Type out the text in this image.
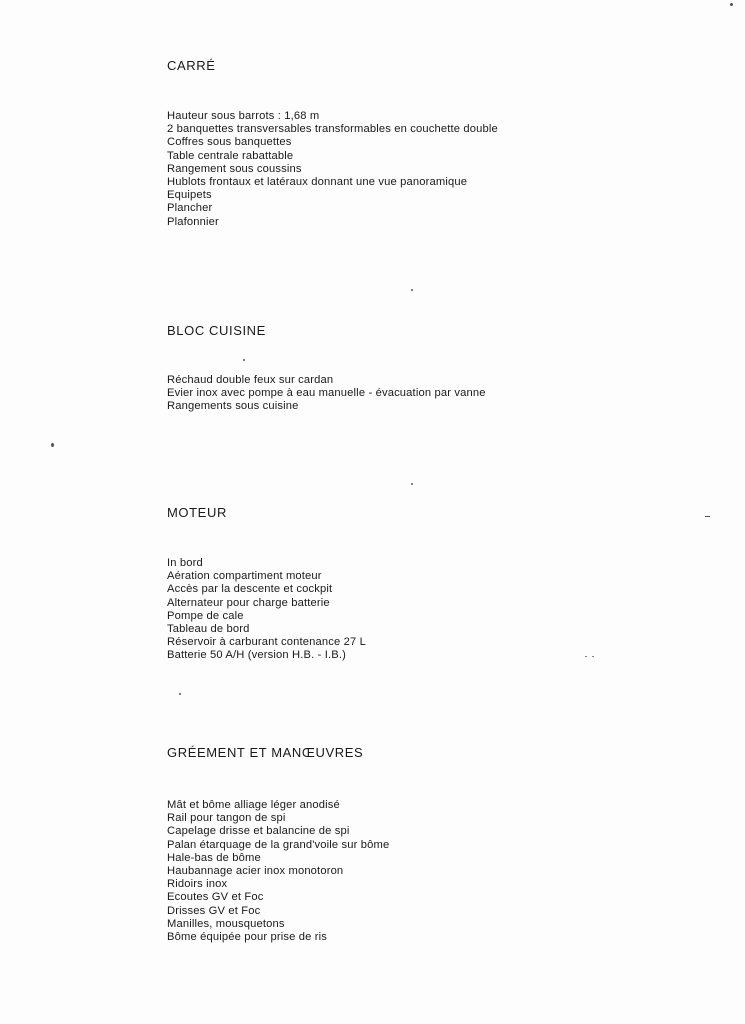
CARRÉ
Hauteur sous barrots : 1,68 m
2 banquettes transversables transformables en couchette double
Coffres sous banquettes
Table centrale rabattable
Rangement sous coussins
Hublots frontaux et latéraux donnant une vue panoramique
Equipets
Plancher
Plafonnier
BLOC CUISINE
Réchaud double feux sur cardan
Evier inox avec pompe à eau manuelle - évacuation par vanne
Rangements sous cuisine
MOTEUR
In bord
Aération compartiment moteur
Accès par la descente et cockpit
Alternateur pour charge batterie
Pompe de cale
Tableau de bord
Réservoir à carburant contenance 27 L
Batterie 50 A/H (version H.B. - I.B.)
GRÉEMENT ET MANŒUVRES
Mât et bôme alliage léger anodisé
Rail pour tangon de spi
Capelage drisse et balancine de spi
Palan étarquage de la grand'voile sur bôme
Hale-bas de bôme
Haubannage acier inox monotoron
Ridoirs inox
Ecoutes GV et Foc
Drisses GV et Foc
Manilles, mousquetons
Bôme équipée pour prise de ris
